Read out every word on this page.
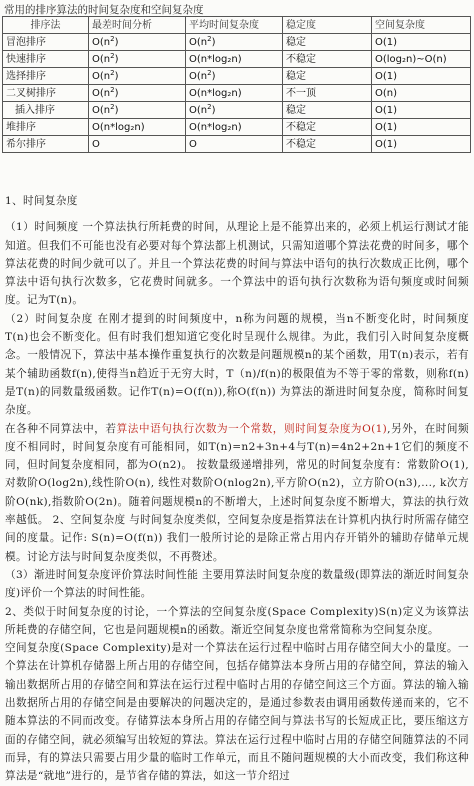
常用的排序算法的时间复杂度和空间复杂度
排序法	最差时间分析	平均时间复杂度	稳定度	空间复杂度
冒泡排序	$O(n^2)$	$O(n^2)$	稳定	O(1)
快速排序	$O(n^2)$	O(n*log₂n)	不稳定	O(log₂n)~O(n)
选择排序	$O(n^2)$	$O(n^2)$	稳定	O(1)
二叉树排序	$O(n^2)$	O(n*log₂n)	不一顶	O(n)
插入排序	$O(n^2)$	$O(n^2)$	稳定	O(1)
堆排序	O(n*log₂n)	O(n*log₂n)	不稳定	O(1)
希尔排序	O	O	不稳定	O(1)

1、时间复杂度

（1）时间频度 一个算法执行所耗费的时间，从理论上是不能算出来的，必须上机运行测试才能知道。但我们不可能也没有必要对每个算法都上机测试，只需知道哪个算法花费的时间多，哪个算法花费的时间少就可以了。并且一个算法花费的时间与算法中语句的执行次数成正比例，哪个算法中语句执行次数多，它花费时间就多。一个算法中的语句执行次数称为语句频度或时间频度。记为T(n)。

（2）时间复杂度 在刚才提到的时间频度中，n称为问题的规模，当n不断变化时，时间频度T(n)也会不断变化。但有时我们想知道它变化时呈现什么规律。为此，我们引入时间复杂度概念。一般情况下，算法中基本操作重复执行的次数是问题规模n的某个函数，用T(n)表示，若有某个辅助函数f(n),使得当n趋近于无穷大时，T（n)/f(n)的极限值为不等于零的常数，则称f(n)是T(n)的同数量级函数。记作T(n)=O(f(n)),称O(f(n)) 为算法的渐进时间复杂度，简称时间复杂度。

在各种不同算法中，若算法中语句执行次数为一个常数，则时间复杂度为O(1),另外，在时间频度不相同时，时间复杂度有可能相同，如T(n)=n2+3n+4与T(n)=4n2+2n+1它们的频度不同，但时间复杂度相同，都为O(n2)。 按数量级递增排列，常见的时间复杂度有：常数阶O(1),对数阶O(log2n),线性阶O(n), 线性对数阶O(nlog2n),平方阶O(n2)，立方阶O(n3),..., k次方阶O(nk),指数阶O(2n)。随着问题规模n的不断增大，上述时间复杂度不断增大，算法的执行效率越低。 2、空间复杂度 与时间复杂度类似，空间复杂度是指算法在计算机内执行时所需存储空间的度量。记作: S(n)=O(f(n)) 我们一般所讨论的是除正常占用内存开销外的辅助存储单元规模。讨论方法与时间复杂度类似，不再赘述。

（3）渐进时间复杂度评价算法时间性能 主要用算法时间复杂度的数量级(即算法的渐近时间复杂度)评价一个算法的时间性能。

2、类似于时间复杂度的讨论，一个算法的空间复杂度(Space Complexity)S(n)定义为该算法所耗费的存储空间，它也是问题规模n的函数。渐近空间复杂度也常常简称为空间复杂度。

空间复杂度(Space Complexity)是对一个算法在运行过程中临时占用存储空间大小的量度。一个算法在计算机存储器上所占用的存储空间，包括存储算法本身所占用的存储空间，算法的输入输出数据所占用的存储空间和算法在运行过程中临时占用的存储空间这三个方面。算法的输入输出数据所占用的存储空间是由要解决的问题决定的，是通过参数表由调用函数传递而来的，它不随本算法的不同而改变。存储算法本身所占用的存储空间与算法书写的长短成正比，要压缩这方面的存储空间，就必须编写出较短的算法。算法在运行过程中临时占用的存储空间随算法的不同而异，有的算法只需要占用少量的临时工作单元，而且不随问题规模的大小而改变，我们称这种算法是“就地”进行的，是节省存储的算法，如这一节介绍过
